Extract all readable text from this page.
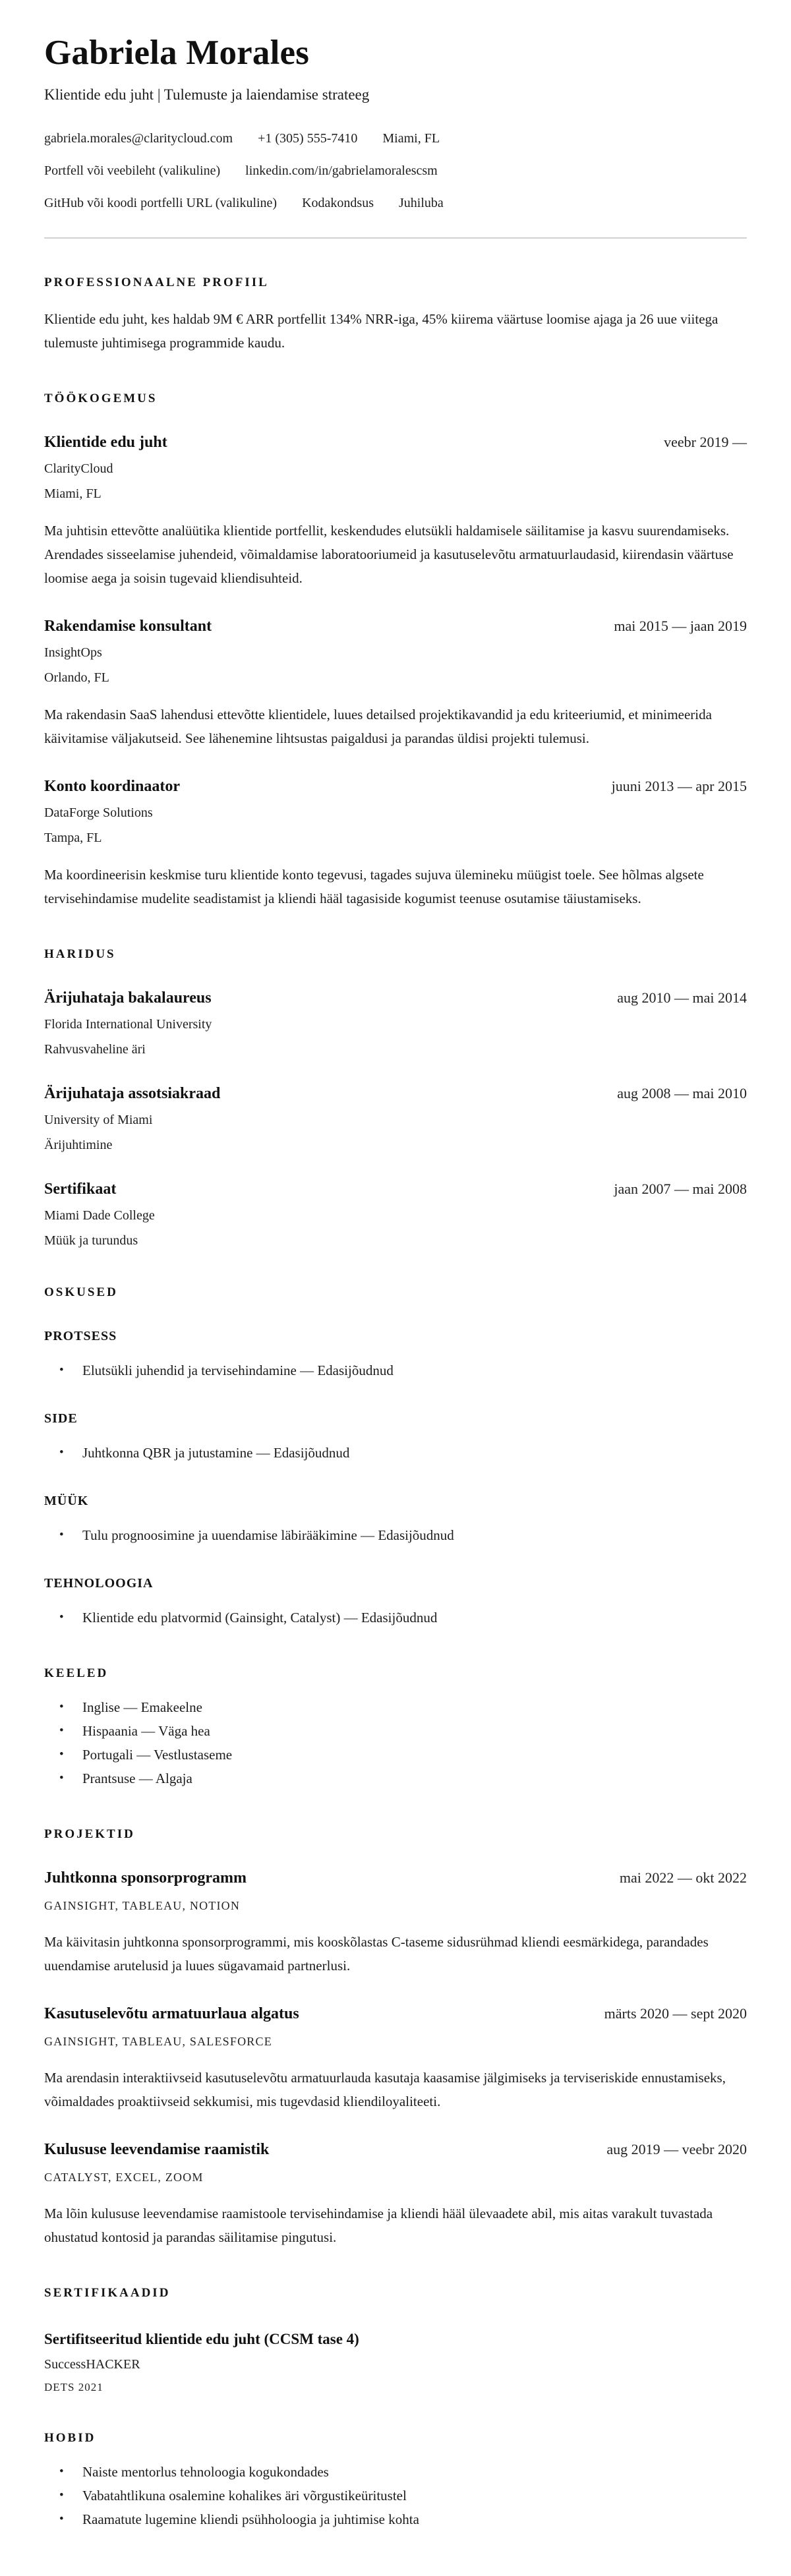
Gabriela Morales
Klientide edu juht | Tulemuste ja laiendamise strateeg
gabriela.morales@claritycloud.com +1 (305) 555-7410 Miami, FL
Portfell või veebileht (valikuline) linkedin.com/in/gabrielamoralescsm
GitHub või koodi portfelli URL (valikuline) Kodakondsus Juhiluba
PROFESSIONAALNE PROFIIL

Klientide edu juht, kes haldab 9M € ARR portfellit 134% NRR-iga, 45% kiirema väärtuse loomise ajaga ja 26 uue viitega tulemuste juhtimisega programmide kaudu.

TÖÖKOGEMUS
Klientide edu juht	veebr 2019 —
ClarityCloud
Miami, FL

Ma juhtisin ettevõtte analüütika klientide portfellit, keskendudes elutsükli haldamisele säilitamise ja kasvu suurendamiseks. Arendades sisseelamise juhendeid, võimaldamise laboratooriumeid ja kasutuselevõtu armatuurlaudasid, kiirendasin väärtuse loomise aega ja soisin tugevaid kliendisuhteid.

Rakendamise konsultant	mai 2015 — jaan 2019
InsightOps
Orlando, FL

Ma rakendasin SaaS lahendusi ettevõtte klientidele, luues detailsed projektikavandid ja edu kriteeriumid, et minimeerida käivitamise väljakutseid. See lähenemine lihtsustas paigaldusi ja parandas üldisi projekti tulemusi.

Konto koordinaator	juuni 2013 — apr 2015
DataForge Solutions
Tampa, FL

Ma koordineerisin keskmise turu klientide konto tegevusi, tagades sujuva ülemineku müügist toele. See hõlmas algsete tervisehindamise mudelite seadistamist ja kliendi hääl tagasiside kogumist teenuse osutamise täiustamiseks.

HARIDUS
Ärijuhataja bakalaureus	aug 2010 — mai 2014
Florida International University
Rahvusvaheline äri
Ärijuhataja assotsiakraad	aug 2008 — mai 2010
University of Miami
Ärijuhtimine
Sertifikaat	jaan 2007 — mai 2008
Miami Dade College
Müük ja turundus
OSKUSED
PROTSESS
• Elutsükli juhendid ja tervisehindamine — Edasijõudnud
SIDE
• Juhtkonna QBR ja jutustamine — Edasijõudnud
MÜÜK
• Tulu prognoosimine ja uuendamise läbirääkimine — Edasijõudnud
TEHNOLOOGIA
• Klientide edu platvormid (Gainsight, Catalyst) — Edasijõudnud
KEELED
• Inglise — Emakeelne
• Hispaania — Väga hea
• Portugali — Vestlustaseme
• Prantsuse — Algaja
PROJEKTID
Juhtkonna sponsorprogramm	mai 2022 — okt 2022
GAINSIGHT, TABLEAU, NOTION

Ma käivitasin juhtkonna sponsorprogrammi, mis kooskõlastas C-taseme sidusrühmad kliendi eesmärkidega, parandades uuendamise arutelusid ja luues sügavamaid partnerlusi.

Kasutuselevõtu armatuurlaua algatus	märts 2020 — sept 2020
GAINSIGHT, TABLEAU, SALESFORCE

Ma arendasin interaktiivseid kasutuselevõtu armatuurlauda kasutaja kaasamise jälgimiseks ja terviseriskide ennustamiseks, võimaldades proaktiivseid sekkumisi, mis tugevdasid kliendiloyaliteeti.

Kulususe leevendamise raamistik	aug 2019 — veebr 2020
CATALYST, EXCEL, ZOOM

Ma lõin kulususe leevendamise raamistoole tervisehindamise ja kliendi hääl ülevaadete abil, mis aitas varakult tuvastada ohustatud kontosid ja parandas säilitamise pingutusi.

SERTIFIKAADID
Sertifitseeritud klientide edu juht (CCSM tase 4)
SuccessHACKER
DETS 2021
HOBID
• Naiste mentorlus tehnoloogia kogukondades
• Vabatahtlikuna osalemine kohalikes äri võrgustikeüritustel
• Raamatute lugemine kliendi psühholoogia ja juhtimise kohta
